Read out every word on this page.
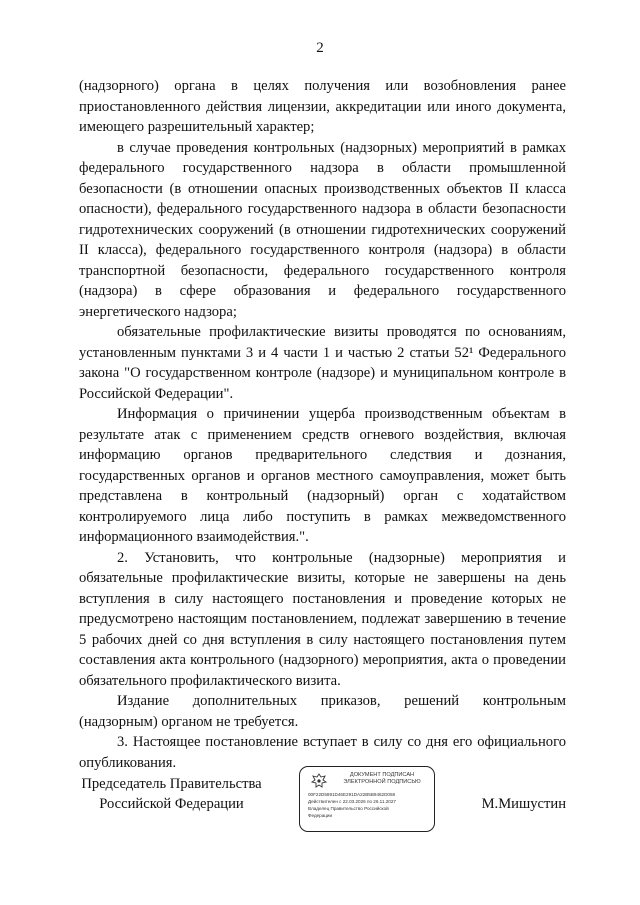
2

(надзорного) органа в целях получения или возобновления ранее приостановленного действия лицензии, аккредитации или иного документа, имеющего разрешительный характер;

в случае проведения контрольных (надзорных) мероприятий в рамках федерального государственного надзора в области промышленной безопасности (в отношении опасных производственных объектов II класса опасности), федерального государственного надзора в области безопасности гидротехнических сооружений (в отношении гидротехнических сооружений II класса), федерального государственного контроля (надзора) в области транспортной безопасности, федерального государственного контроля (надзора) в сфере образования и федерального государственного энергетического надзора;

обязательные профилактические визиты проводятся по основаниям, установленным пунктами 3 и 4 части 1 и частью 2 статьи 52¹ Федерального закона "О государственном контроле (надзоре) и муниципальном контроле в Российской Федерации".

Информация о причинении ущерба производственным объектам в результате атак с применением средств огневого воздействия, включая информацию органов предварительного следствия и дознания, государственных органов и органов местного самоуправления, может быть представлена в контрольный (надзорный) орган с ходатайством контролируемого лица либо поступить в рамках межведомственного информационного взаимодействия.".

2. Установить, что контрольные (надзорные) мероприятия и обязательные профилактические визиты, которые не завершены на день вступления в силу настоящего постановления и проведение которых не предусмотрено настоящим постановлением, подлежат завершению в течение 5 рабочих дней со дня вступления в силу настоящего постановления путем составления акта контрольного (надзорного) мероприятия, акта о проведении обязательного профилактического визита.

Издание дополнительных приказов, решений контрольным (надзорным) органом не требуется.

3. Настоящее постановление вступает в силу со дня его официального опубликования.

Председатель Правительства
Российской Федерации	М.Мишустин
ДОКУМЕНТ ПОДПИСАН
ЭЛЕКТРОННОЙ ПОДПИСЬЮ
00F22D5891D46E291DA22B5B9462D058
Действителен с 22.03.2026 по 26.11.2027
Владелец Правительство Российской
Федерации
